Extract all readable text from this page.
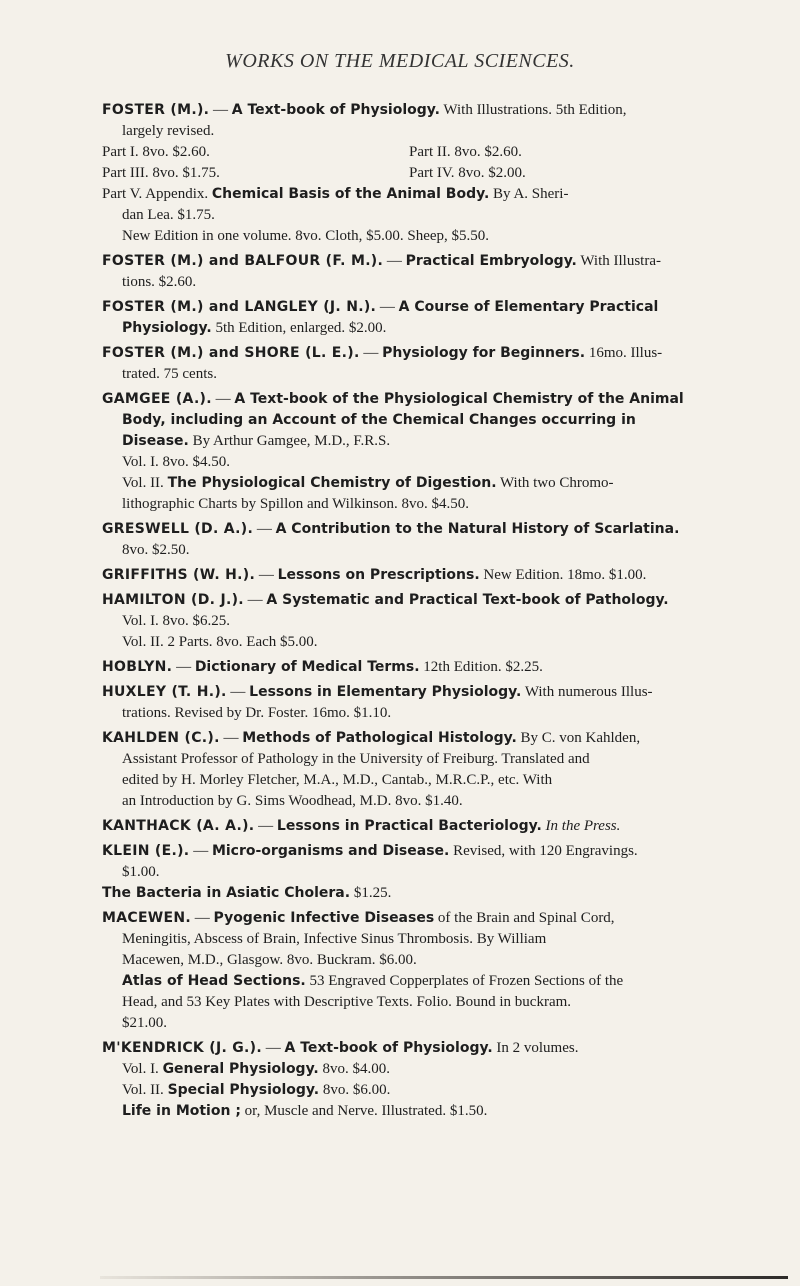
WORKS ON THE MEDICAL SCIENCES.

FOSTER (M.). — A Text-book of Physiology. With Illustrations. 5th Edition,

largely revised.

Part I. 8vo. $2.60.	Part II. 8vo. $2.60.
Part III. 8vo. $1.75.	Part IV. 8vo. $2.00.

Part V. Appendix. Chemical Basis of the Animal Body. By A. Sheri-

dan Lea. $1.75.

New Edition in one volume. 8vo. Cloth, $5.00. Sheep, $5.50.

FOSTER (M.) and BALFOUR (F. M.). — Practical Embryology. With Illustra-

tions. $2.60.

FOSTER (M.) and LANGLEY (J. N.). — A Course of Elementary Practical

Physiology. 5th Edition, enlarged. $2.00.

FOSTER (M.) and SHORE (L. E.). — Physiology for Beginners. 16mo. Illus-

trated. 75 cents.

GAMGEE (A.). — A Text-book of the Physiological Chemistry of the Animal

Body, including an Account of the Chemical Changes occurring in

Disease. By Arthur Gamgee, M.D., F.R.S.

Vol. I. 8vo. $4.50.

Vol. II. The Physiological Chemistry of Digestion. With two Chromo-

lithographic Charts by Spillon and Wilkinson. 8vo. $4.50.

GRESWELL (D. A.). — A Contribution to the Natural History of Scarlatina.

8vo. $2.50.

GRIFFITHS (W. H.). — Lessons on Prescriptions. New Edition. 18mo. $1.00.

HAMILTON (D. J.). — A Systematic and Practical Text-book of Pathology.

Vol. I. 8vo. $6.25.

Vol. II. 2 Parts. 8vo. Each $5.00.

HOBLYN. — Dictionary of Medical Terms. 12th Edition. $2.25.

HUXLEY (T. H.). — Lessons in Elementary Physiology. With numerous Illus-

trations. Revised by Dr. Foster. 16mo. $1.10.

KAHLDEN (C.). — Methods of Pathological Histology. By C. von Kahlden,

Assistant Professor of Pathology in the University of Freiburg. Translated and

edited by H. Morley Fletcher, M.A., M.D., Cantab., M.R.C.P., etc. With

an Introduction by G. Sims Woodhead, M.D. 8vo. $1.40.

KANTHACK (A. A.). — Lessons in Practical Bacteriology. In the Press.

KLEIN (E.). — Micro-organisms and Disease. Revised, with 120 Engravings.

$1.00.

The Bacteria in Asiatic Cholera. $1.25.

MACEWEN. — Pyogenic Infective Diseases of the Brain and Spinal Cord,

Meningitis, Abscess of Brain, Infective Sinus Thrombosis. By William

Macewen, M.D., Glasgow. 8vo. Buckram. $6.00.

Atlas of Head Sections. 53 Engraved Copperplates of Frozen Sections of the

Head, and 53 Key Plates with Descriptive Texts. Folio. Bound in buckram.

$21.00.

M'KENDRICK (J. G.). — A Text-book of Physiology. In 2 volumes.

Vol. I. General Physiology. 8vo. $4.00.

Vol. II. Special Physiology. 8vo. $6.00.

Life in Motion ; or, Muscle and Nerve. Illustrated. $1.50.
